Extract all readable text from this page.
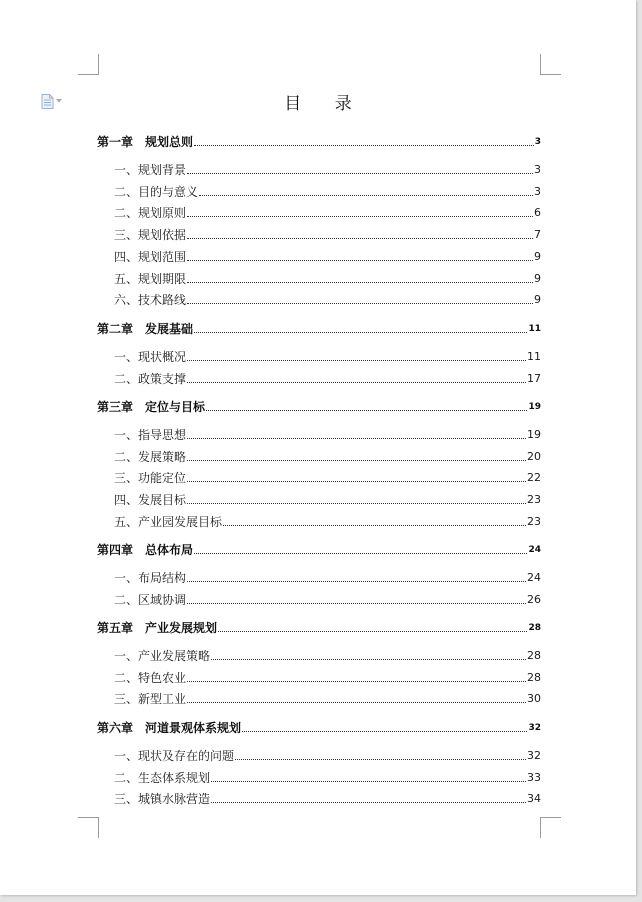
目 录
第一章　规划总则	3
一、规划背景	3
二、目的与意义	3
二、规划原则	6
三、规划依据	7
四、规划范围	9
五、规划期限	9
六、技术路线	9
第二章　发展基础	11
一、现状概况	11
二、政策支撑	17
第三章　定位与目标	19
一、指导思想	19
二、发展策略	20
三、功能定位	22
四、发展目标	23
五、产业园发展目标	23
第四章　总体布局	24
一、布局结构	24
二、区域协调	26
第五章　产业发展规划	28
一、产业发展策略	28
二、特色农业	28
三、新型工业	30
第六章　河道景观体系规划	32
一、现状及存在的问题	32
二、生态体系规划	33
三、城镇水脉营造	34
